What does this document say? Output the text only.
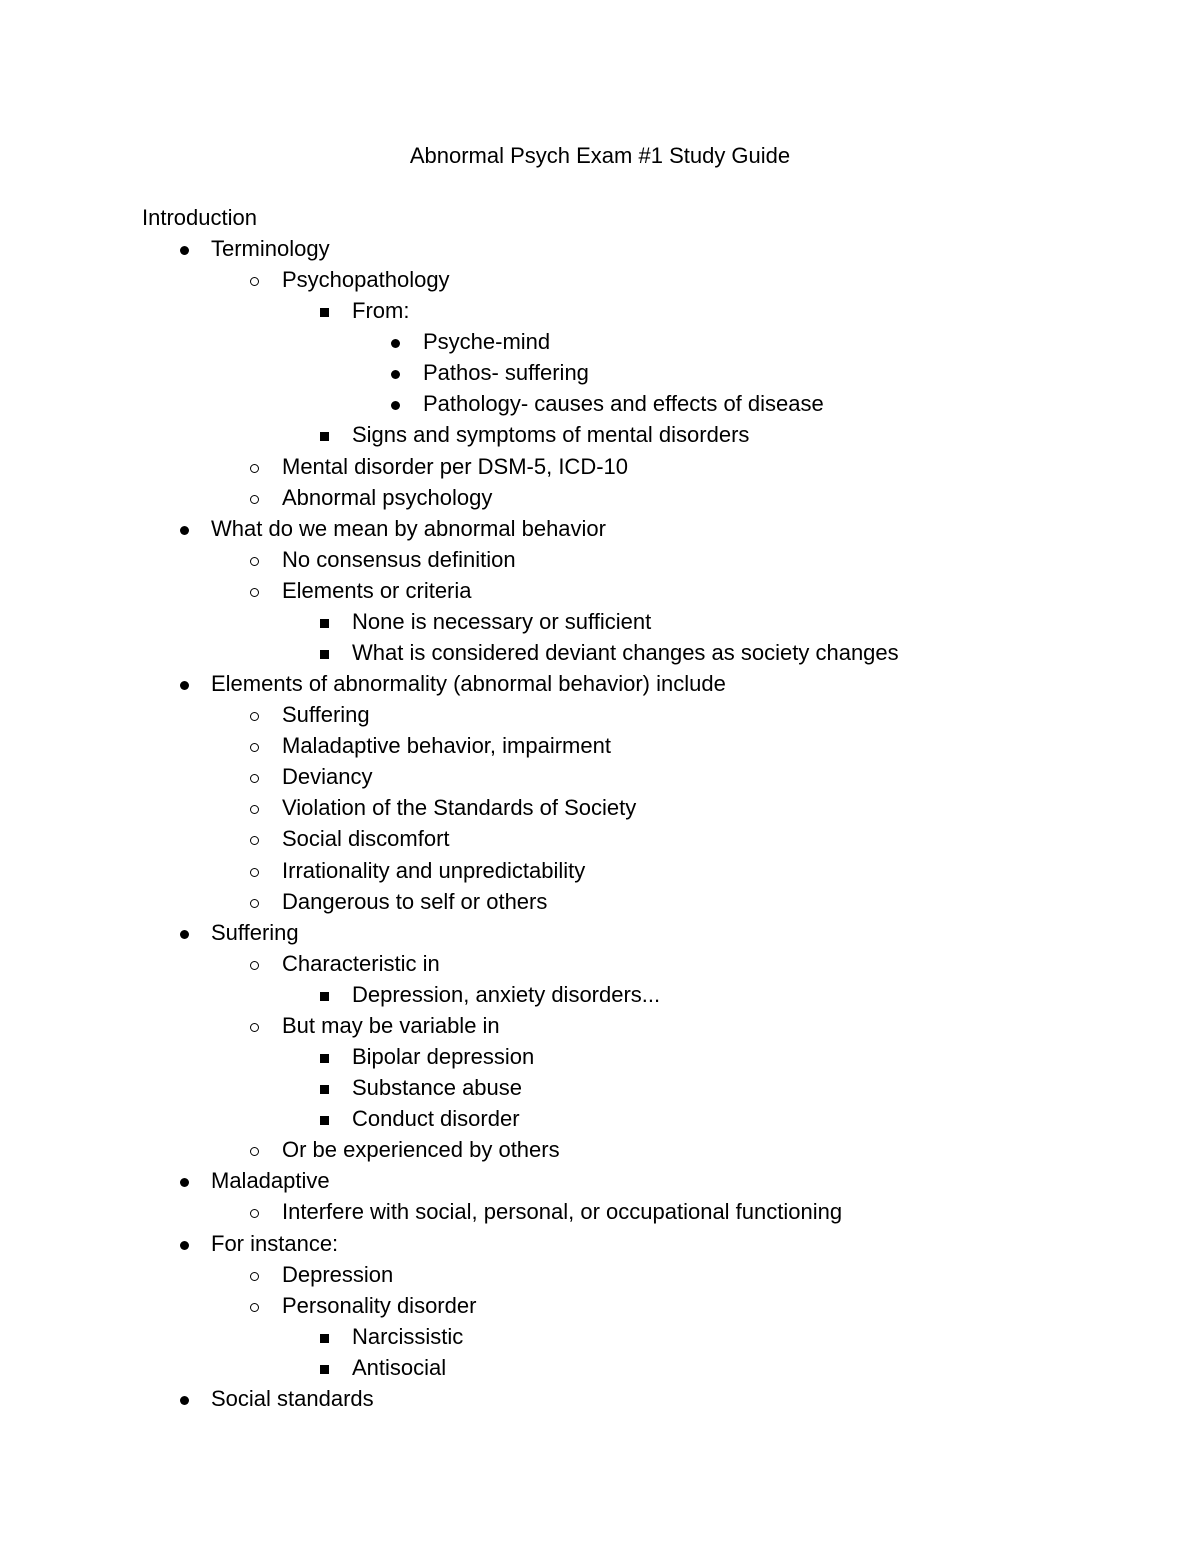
Abnormal Psych Exam #1 Study Guide
Introduction
Terminology
Psychopathology
From:
Psyche-mind
Pathos- suffering
Pathology- causes and effects of disease
Signs and symptoms of mental disorders
Mental disorder per DSM-5, ICD-10
Abnormal psychology
What do we mean by abnormal behavior
No consensus definition
Elements or criteria
None is necessary or sufficient
What is considered deviant changes as society changes
Elements of abnormality (abnormal behavior) include
Suffering
Maladaptive behavior, impairment
Deviancy
Violation of the Standards of Society
Social discomfort
Irrationality and unpredictability
Dangerous to self or others
Suffering
Characteristic in
Depression, anxiety disorders...
But may be variable in
Bipolar depression
Substance abuse
Conduct disorder
Or be experienced by others
Maladaptive
Interfere with social, personal, or occupational functioning
For instance:
Depression
Personality disorder
Narcissistic
Antisocial
Social standards
